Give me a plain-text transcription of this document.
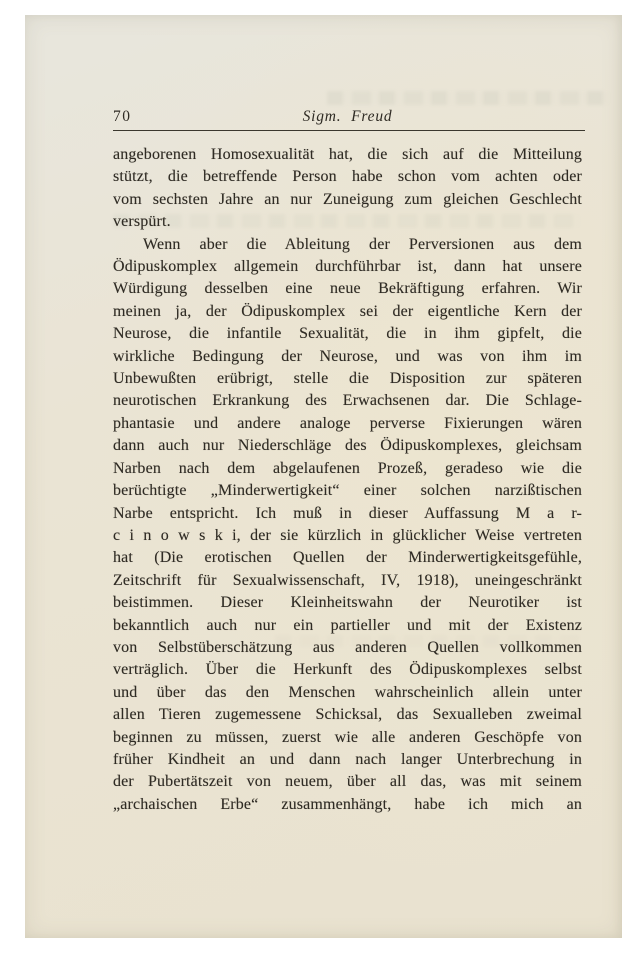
70	Sigm. Freud
angeborenen Homosexualität hat, die sich auf die Mitteilung
stützt, die betreffende Person habe schon vom achten oder
vom sechsten Jahre an nur Zuneigung zum gleichen Geschlecht
verspürt.
Wenn aber die Ableitung der Perversionen aus dem
Ödipuskomplex allgemein durchführbar ist, dann hat unsere
Würdigung desselben eine neue Bekräftigung erfahren. Wir
meinen ja, der Ödipuskomplex sei der eigentliche Kern der
Neurose, die infantile Sexualität, die in ihm gipfelt, die
wirkliche Bedingung der Neurose, und was von ihm im
Unbewußten erübrigt, stelle die Disposition zur späteren
neurotischen Erkrankung des Erwachsenen dar. Die Schlage-
phantasie und andere analoge perverse Fixierungen wären
dann auch nur Niederschläge des Ödipuskomplexes, gleichsam
Narben nach dem abgelaufenen Prozeß, geradeso wie die
berüchtigte „Minderwertigkeit“ einer solchen narzißtischen
Narbe entspricht. Ich muß in dieser Auffassung M a r-
c i n o w s k i, der sie kürzlich in glücklicher Weise vertreten
hat (Die erotischen Quellen der Minderwertigkeitsgefühle,
Zeitschrift für Sexualwissenschaft, IV, 1918), uneingeschränkt
beistimmen. Dieser Kleinheitswahn der Neurotiker ist
bekanntlich auch nur ein partieller und mit der Existenz
von Selbstüberschätzung aus anderen Quellen vollkommen
verträglich. Über die Herkunft des Ödipuskomplexes selbst
und über das den Menschen wahrscheinlich allein unter
allen Tieren zugemessene Schicksal, das Sexualleben zweimal
beginnen zu müssen, zuerst wie alle anderen Geschöpfe von
früher Kindheit an und dann nach langer Unterbrechung in
der Pubertätszeit von neuem, über all das, was mit seinem
„archaischen Erbe“ zusammenhängt, habe ich mich an
